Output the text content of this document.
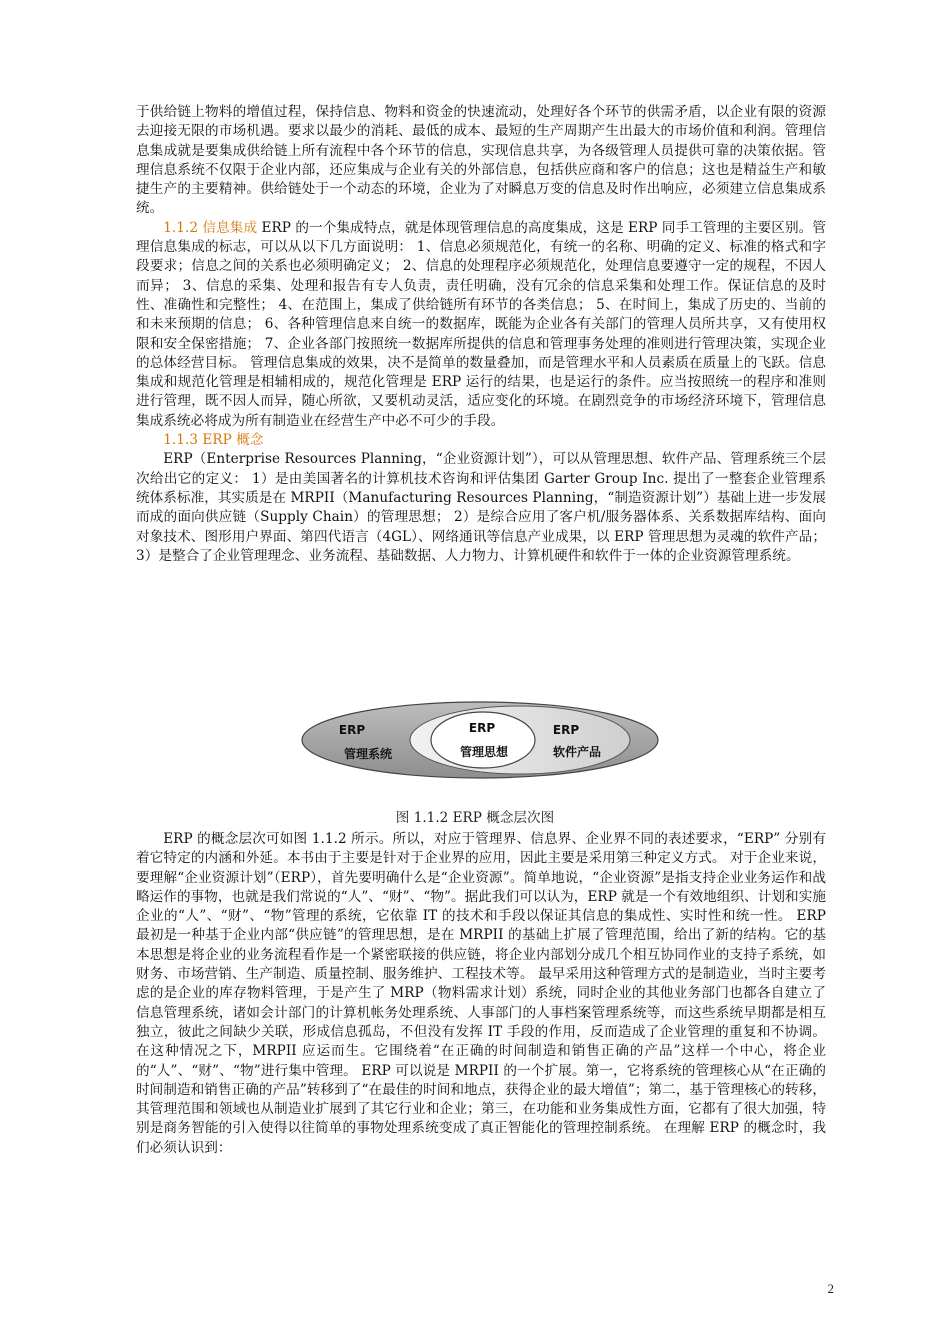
于供给链上物料的增值过程，保持信息、物料和资金的快速流动，处理好各个环节的供需矛盾，以企业有限的资源去迎接无限的市场机遇。要求以最少的消耗、最低的成本、最短的生产周期产生出最大的市场价值和利润。管理信息集成就是要集成供给链上所有流程中各个环节的信息，实现信息共享，为各级管理人员提供可靠的决策依据。管理信息系统不仅限于企业内部，还应集成与企业有关的外部信息，包括供应商和客户的信息；这也是精益生产和敏捷生产的主要精神。供给链处于一个动态的环境，企业为了对瞬息万变的信息及时作出响应，必须建立信息集成系统。

1.1.2 信息集成 ERP 的一个集成特点，就是体现管理信息的高度集成，这是 ERP 同手工管理的主要区别。管理信息集成的标志，可以从以下几方面说明： 1、信息必须规范化，有统一的名称、明确的定义、标准的格式和字段要求；信息之间的关系也必须明确定义； 2、信息的处理程序必须规范化，处理信息要遵守一定的规程，不因人而异； 3、信息的采集、处理和报告有专人负责，责任明确，没有冗余的信息采集和处理工作。保证信息的及时性、准确性和完整性； 4、在范围上，集成了供给链所有环节的各类信息； 5、在时间上，集成了历史的、当前的和未来预期的信息； 6、各种管理信息来自统一的数据库，既能为企业各有关部门的管理人员所共享，又有使用权限和安全保密措施； 7、企业各部门按照统一数据库所提供的信息和管理事务处理的准则进行管理决策，实现企业的总体经营目标。 管理信息集成的效果，决不是简单的数量叠加，而是管理水平和人员素质在质量上的飞跃。信息集成和规范化管理是相辅相成的，规范化管理是 ERP 运行的结果，也是运行的条件。应当按照统一的程序和准则进行管理，既不因人而异，随心所欲，又要机动灵活，适应变化的环境。在剧烈竞争的市场经济环境下，管理信息集成系统必将成为所有制造业在经营生产中必不可少的手段。

1.1.3 ERP 概念

ERP（Enterprise Resources Planning，“企业资源计划”），可以从管理思想、软件产品、管理系统三个层次给出它的定义： 1）是由美国著名的计算机技术咨询和评估集团 Garter Group Inc. 提出了一整套企业管理系统体系标准，其实质是在 MRPII（Manufacturing Resources Planning，“制造资源计划”）基础上进一步发展而成的面向供应链（Supply Chain）的管理思想； 2）是综合应用了客户机/服务器体系、关系数据库结构、面向对象技术、图形用户界面、第四代语言（4GL）、网络通讯等信息产业成果，以 ERP 管理思想为灵魂的软件产品； 3）是整合了企业管理理念、业务流程、基础数据、人力物力、计算机硬件和软件于一体的企业资源管理系统。

ERP
管理系统
ERP
管理思想
ERP
软件产品
图 1.1.2 ERP 概念层次图

ERP 的概念层次可如图 1.1.2 所示。所以，对应于管理界、信息界、企业界不同的表述要求，“ERP” 分别有着它特定的内涵和外延。本书由于主要是针对于企业界的应用，因此主要是采用第三种定义方式。 对于企业来说，要理解“企业资源计划”（ERP），首先要明确什么是“企业资源”。简单地说，“企业资源”是指支持企业业务运作和战略运作的事物，也就是我们常说的“人”、“财”、“物”。据此我们可以认为，ERP 就是一个有效地组织、计划和实施企业的“人”、“财”、“物”管理的系统，它依靠 IT 的技术和手段以保证其信息的集成性、实时性和统一性。 ERP 最初是一种基于企业内部“供应链”的管理思想，是在 MRPII 的基础上扩展了管理范围，给出了新的结构。它的基本思想是将企业的业务流程看作是一个紧密联接的供应链，将企业内部划分成几个相互协同作业的支持子系统，如财务、市场营销、生产制造、质量控制、服务维护、工程技术等。 最早采用这种管理方式的是制造业，当时主要考虑的是企业的库存物料管理，于是产生了 MRP（物料需求计划）系统，同时企业的其他业务部门也都各自建立了信息管理系统，诸如会计部门的计算机帐务处理系统、人事部门的人事档案管理系统等，而这些系统早期都是相互独立，彼此之间缺少关联，形成信息孤岛，不但没有发挥 IT 手段的作用，反而造成了企业管理的重复和不协调。在这种情况之下，MRPII 应运而生。它围绕着“在正确的时间制造和销售正确的产品”这样一个中心，将企业的“人”、“财”、“物”进行集中管理。 ERP 可以说是 MRPII 的一个扩展。第一，它将系统的管理核心从“在正确的时间制造和销售正确的产品”转移到了“在最佳的时间和地点，获得企业的最大增值”；第二，基于管理核心的转移，其管理范围和领域也从制造业扩展到了其它行业和企业；第三，在功能和业务集成性方面，它都有了很大加强，特别是商务智能的引入使得以往简单的事物处理系统变成了真正智能化的管理控制系统。 在理解 ERP 的概念时，我们必须认识到：

2
